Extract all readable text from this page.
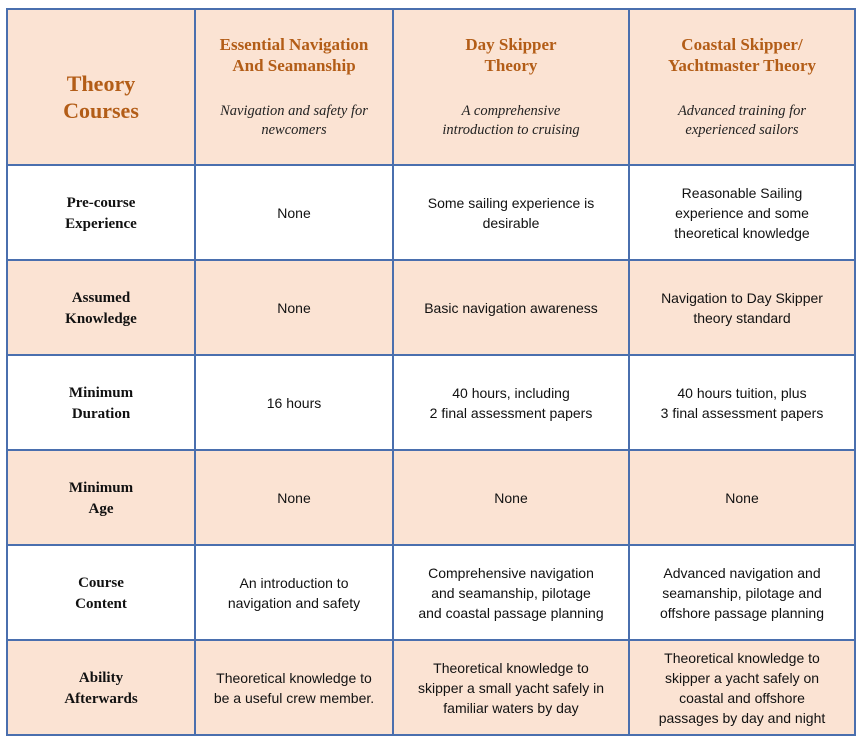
Theory
Courses	Essential Navigation
And Seamanship

Navigation and safety for
newcomers	Day Skipper
Theory

A comprehensive
introduction to cruising	Coastal Skipper/
Yachtmaster Theory

Advanced training for
experienced sailors

Pre-course
Experience	None	Some sailing experience is
desirable	Reasonable Sailing
experience and some
theoretical knowledge
Assumed
Knowledge	None	Basic navigation awareness	Navigation to Day Skipper
theory standard
Minimum
Duration	16 hours	40 hours, including
2 final assessment papers	40 hours tuition, plus
3 final assessment papers
Minimum
Age	None	None	None
Course
Content	An introduction to
navigation and safety	Comprehensive navigation
and seamanship, pilotage
and coastal passage planning	Advanced navigation and
seamanship, pilotage and
offshore passage planning
Ability
Afterwards	Theoretical knowledge to
be a useful crew member.	Theoretical knowledge to
skipper a small yacht safely in
familiar waters by day	Theoretical knowledge to
skipper a yacht safely on
coastal and offshore
passages by day and night
